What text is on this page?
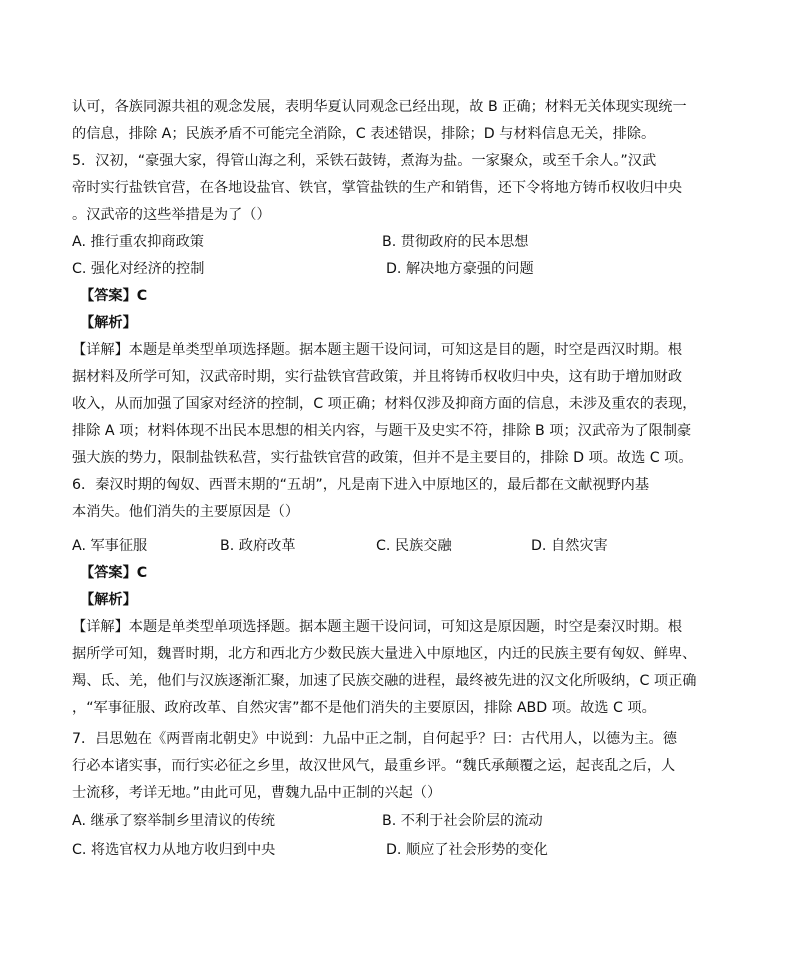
认可，各族同源共祖的观念发展，表明华夏认同观念已经出现，故 B 正确；材料无关体现实现统一
的信息，排除 A；民族矛盾不可能完全消除，C 表述错误，排除；D 与材料信息无关，排除。
5．汉初，“豪强大家，得管山海之利，采铁石鼓铸，煮海为盐。一家聚众，或至千余人。”汉武
帝时实行盐铁官营，在各地设盐官、铁官，掌管盐铁的生产和销售，还下令将地方铸币权收归中央
。汉武帝的这些举措是为了（）
A. 推行重农抑商政策	B. 贯彻政府的民本思想
C. 强化对经济的控制	D. 解决地方豪强的问题
【答案】C
【解析】
【详解】本题是单类型单项选择题。据本题主题干设问词，可知这是目的题，时空是西汉时期。根
据材料及所学可知，汉武帝时期，实行盐铁官营政策，并且将铸币权收归中央，这有助于增加财政
收入，从而加强了国家对经济的控制，C 项正确；材料仅涉及抑商方面的信息，未涉及重农的表现，
排除 A 项；材料体现不出民本思想的相关内容，与题干及史实不符，排除 B 项；汉武帝为了限制豪
强大族的势力，限制盐铁私营，实行盐铁官营的政策，但并不是主要目的，排除 D 项。故选 C 项。
6．秦汉时期的匈奴、西晋末期的“五胡”，凡是南下进入中原地区的，最后都在文献视野内基
本消失。他们消失的主要原因是（）
A. 军事征服	B. 政府改革	C. 民族交融	D. 自然灾害
【答案】C
【解析】
【详解】本题是单类型单项选择题。据本题主题干设问词，可知这是原因题，时空是秦汉时期。根
据所学可知，魏晋时期，北方和西北方少数民族大量进入中原地区，内迁的民族主要有匈奴、鲜卑、
羯、氐、羌，他们与汉族逐渐汇聚，加速了民族交融的进程，最终被先进的汉文化所吸纳，C 项正确
，“军事征服、政府改革、自然灾害”都不是他们消失的主要原因，排除 ABD 项。故选 C 项。
7．吕思勉在《两晋南北朝史》中说到：九品中正之制，自何起乎？曰：古代用人，以德为主。德
行必本诸实事，而行实必征之乡里，故汉世风气，最重乡评。“魏氏承颠覆之运，起丧乱之后，人
士流移，考详无地。”由此可见，曹魏九品中正制的兴起（）
A. 继承了察举制乡里清议的传统	B. 不利于社会阶层的流动
C. 将选官权力从地方收归到中央	D. 顺应了社会形势的变化
